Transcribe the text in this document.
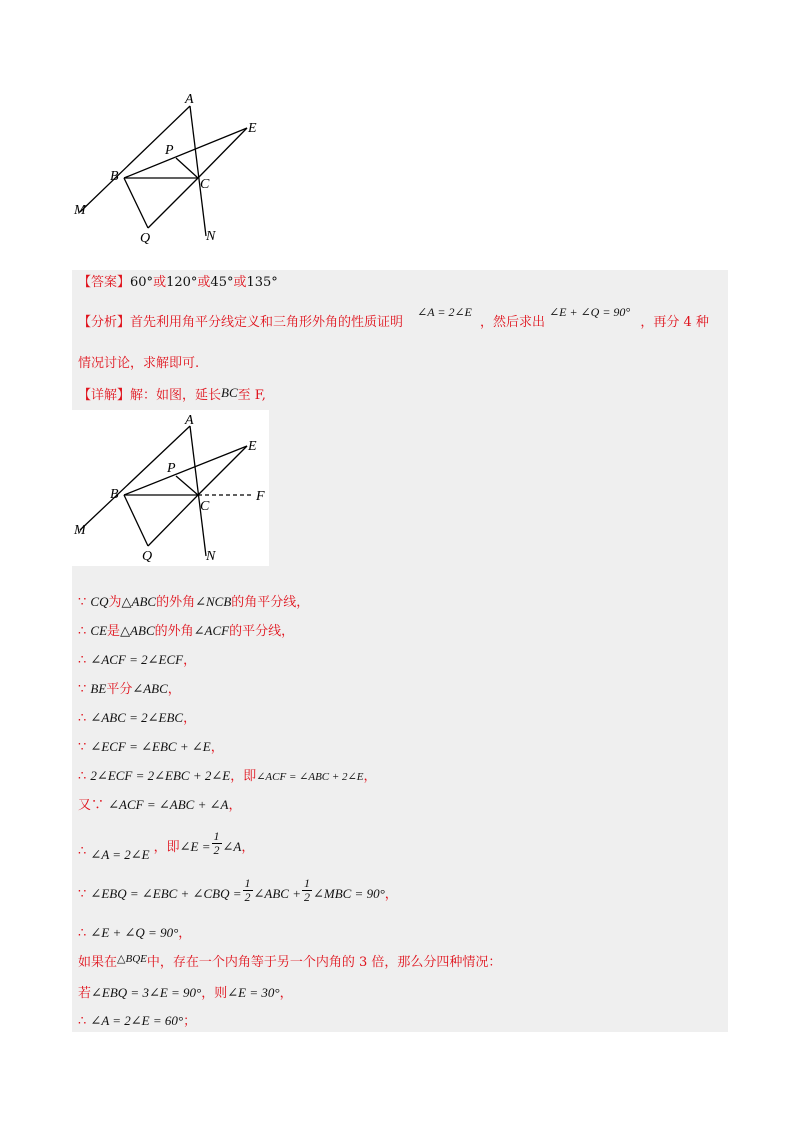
A
E
P
B
C
M
Q	N
【答案】60°或120°或45°或135°
【分析】首先利用角平分线定义和三角形外角的性质证明 ∠A = 2∠E ，然后求出 ∠E + ∠Q = 90° ，再分 4 种
情况讨论，求解即可.
【详解】解：如图，延长BC至 F,
A
E
P
B
C
F
M
Q	N
∵ CQ为△ABC的外角∠NCB的角平分线，
∴ CE是△ABC的外角∠ACF的平分线，
∴ ∠ACF = 2∠ECF，
∵ BE平分∠ABC，
∴ ∠ABC = 2∠EBC，
∵ ∠ECF = ∠EBC + ∠E，
∴ 2∠ECF = 2∠EBC + 2∠E，即∠ACF = ∠ABC + 2∠E，
又∵ ∠ACF = ∠ABC + ∠A，
∴ ∠A = 2∠E ，即∠E = $\frac{1}{2}$ ∠A，
∵ ∠EBQ = ∠EBC + ∠CBQ = $\frac{1}{2}$ ∠ABC + $\frac{1}{2}$ ∠MBC = 90°，
∴ ∠E + ∠Q = 90°，
如果在$^{\triangle BQE}$中，存在一个内角等于另一个内角的 3 倍，那么分四种情况：
若∠EBQ = 3∠E = 90°，则∠E = 30°，
∴ ∠A = 2∠E = 60°；
